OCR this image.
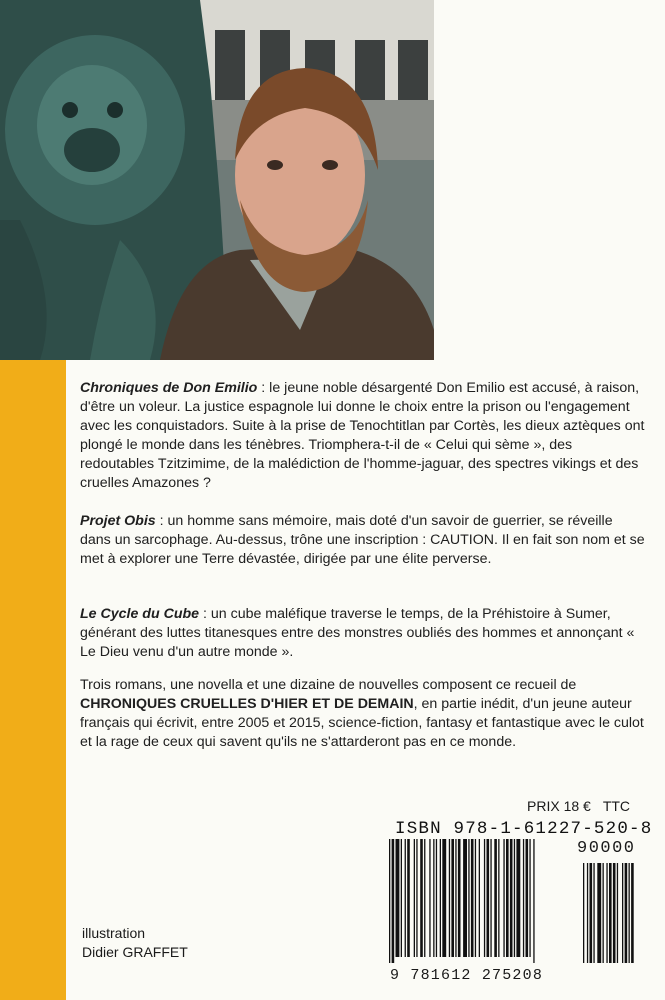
Chroniques de Don Emilio : le jeune noble désargenté Don Emilio est accusé, à raison, d'être un voleur. La justice espagnole lui donne le choix entre la prison ou l'engagement avec les conquistadors. Suite à la prise de Tenochtitlan par Cortès, les dieux aztèques ont plongé le monde dans les ténèbres. Triomphera-t-il de « Celui qui sème », des redoutables Tzitzimime, de la malédiction de l'homme-jaguar, des spectres vikings et des cruelles Amazones ?
Projet Obis : un homme sans mémoire, mais doté d'un savoir de guerrier, se réveille dans un sarcophage. Au-dessus, trône une inscription : CAUTION. Il en fait son nom et se met à explorer une Terre dévastée, dirigée par une élite perverse.
Le Cycle du Cube : un cube maléfique traverse le temps, de la Préhistoire à Sumer, générant des luttes titanesques entre des monstres oubliés des hommes et annonçant « Le Dieu venu d'un autre monde ».
Trois romans, une novella et une dizaine de nouvelles composent ce recueil de CHRONIQUES CRUELLES D'HIER ET DE DEMAIN, en partie inédit, d'un jeune auteur français qui écrivit, entre 2005 et 2015, science-fiction, fantasy et fantastique avec le culot et la rage de ceux qui savent qu'ils ne s'attarderont pas en ce monde.
PRIX 18 € TTC
ISBN 978-1-61227-520-8
90000
9 781612 275208
illustration
Didier GRAFFET
